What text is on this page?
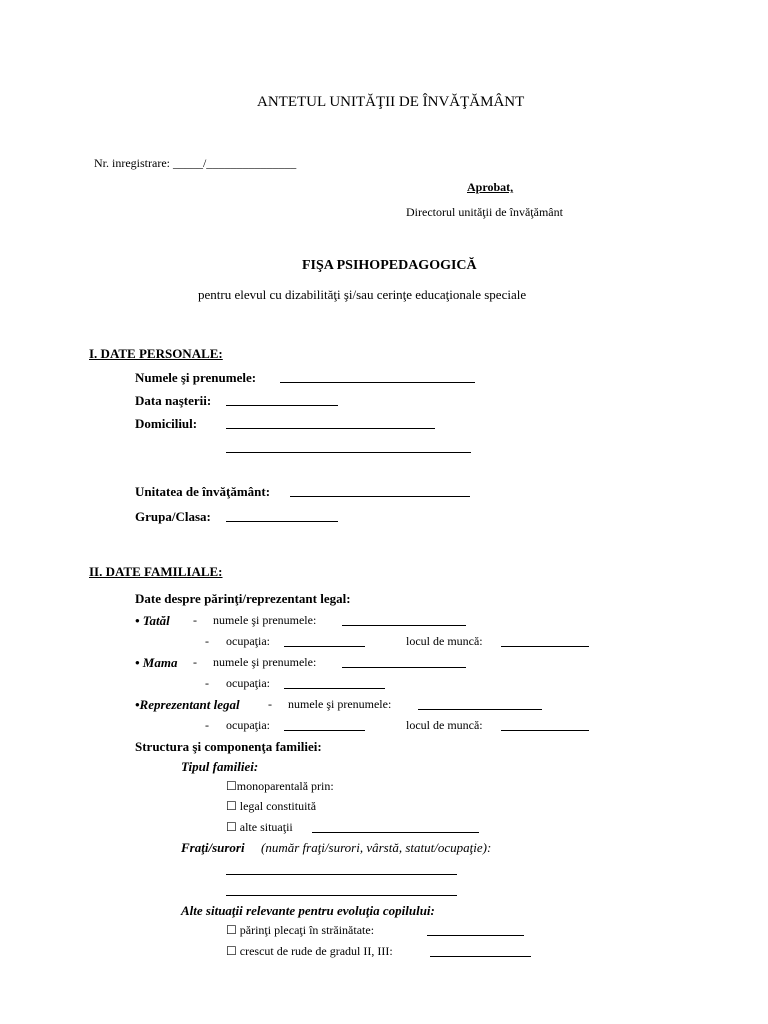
ANTETUL UNITĂŢII DE ÎNVĂŢĂMÂNT
Nr. inregistrare: _____/_______________
Aprobat,
Directorul unităţii de învăţământ
FIŞA PSIHOPEDAGOGICĂ
pentru elevul cu dizabilităţi şi/sau cerinţe educaţionale speciale
I. DATE PERSONALE:
Numele şi prenumele:
Data naşterii:
Domiciliul:
Unitatea de învăţământ:
Grupa/Clasa:
II. DATE FAMILIALE:
Date despre părinţi/reprezentant legal:
• Tatăl - numele şi prenumele:
- ocupaţia:	locul de muncă:
• Mama - numele şi prenumele:
- ocupaţia:
•Reprezentant legal - numele şi prenumele:
- ocupaţia:	locul de muncă:
Structura şi componenţa familiei:
Tipul familiei:
☐monoparentală prin:
☐ legal constituită
☐ alte situaţii
Fraţi/surori (număr fraţi/surori, vârstă, statut/ocupaţie):
Alte situaţii relevante pentru evoluţia copilului:
☐ părinţi plecaţi în străinătate:
☐ crescut de rude de gradul II, III:
